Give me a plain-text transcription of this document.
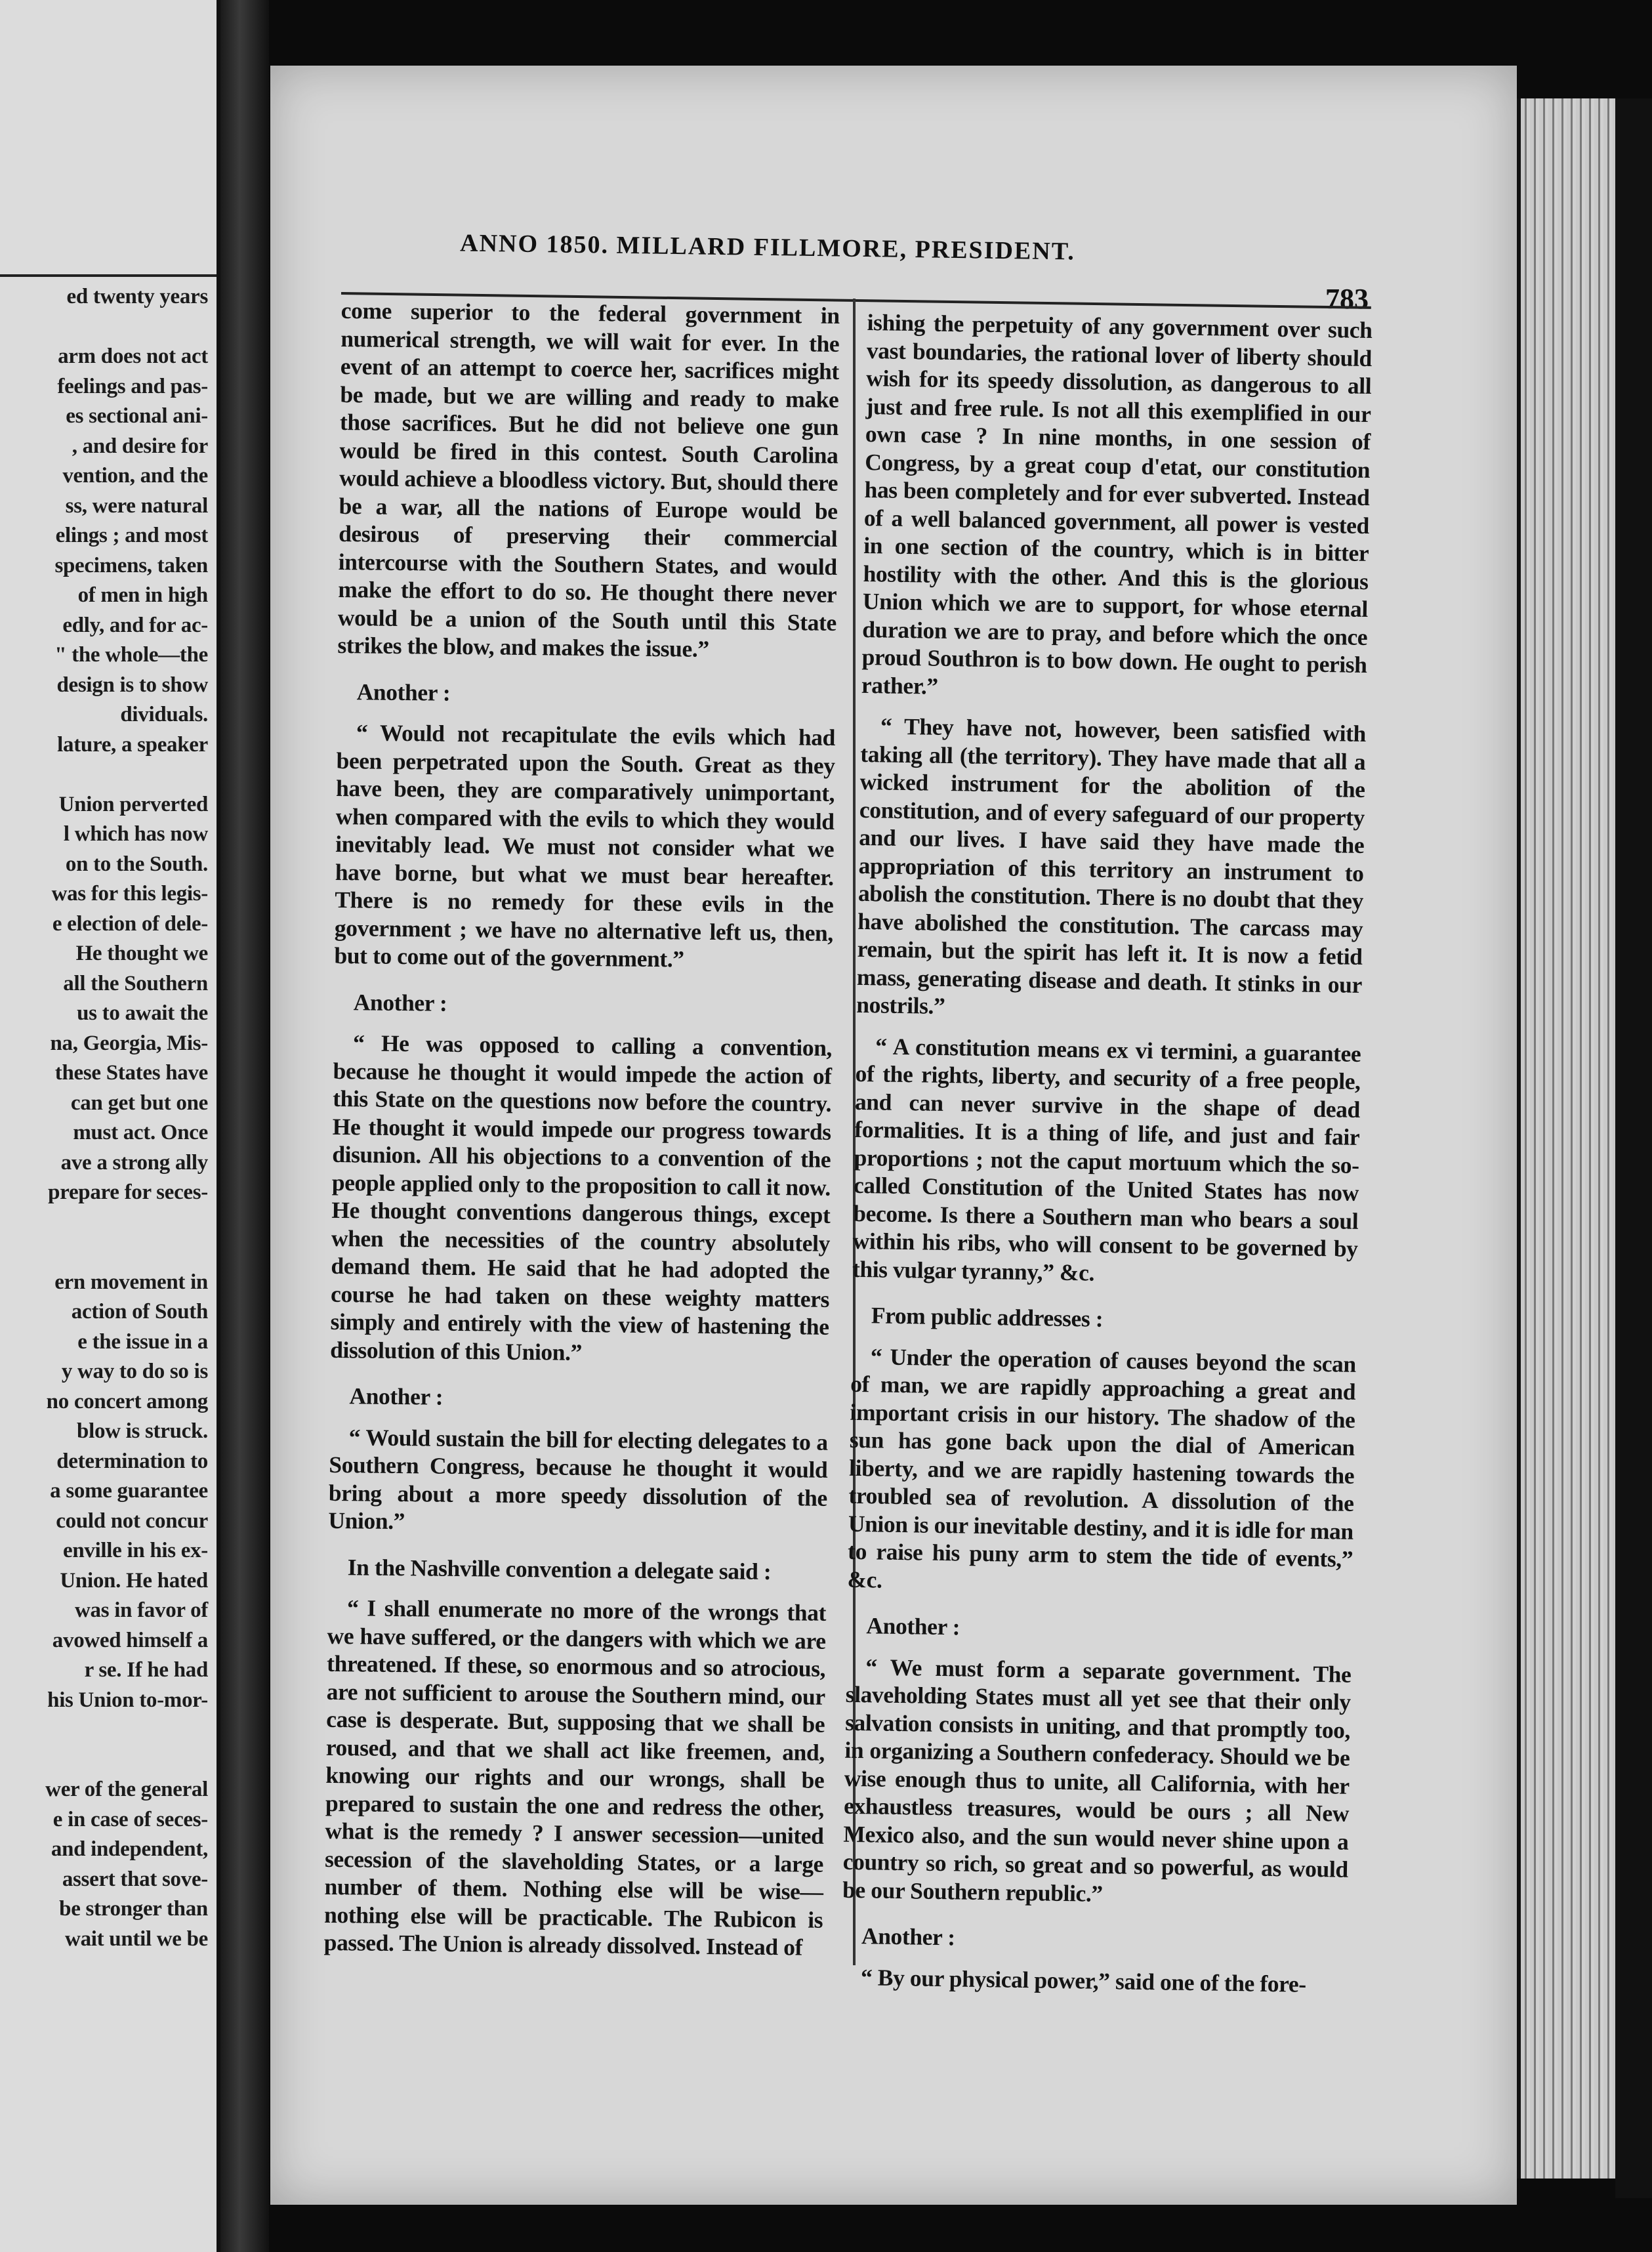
ed twenty years

arm does not act
feelings and pas-
es sectional ani-
, and desire for
vention, and the
ss, were natural
elings ; and most
specimens, taken
of men in high
edly, and for ac-
" the whole—the
design is to show
dividuals.
lature, a speaker

Union perverted
l which has now
on to the South.
was for this legis-
e election of dele-
He thought we
all the Southern
us to await the
na, Georgia, Mis-
these States have
can get but one
must act. Once
ave a strong ally
prepare for seces-

ern movement in
action of South
e the issue in a
y way to do so is
no concert among
blow is struck.
determination to
a some guarantee
could not concur
enville in his ex-
Union. He hated
was in favor of
avowed himself a
r se. If he had
his Union to-mor-

wer of the general
e in case of seces-
and independent,
assert that sove-
be stronger than
wait until we be
ANNO 1850. MILLARD FILLMORE, PRESIDENT.
783

come superior to the federal government in numerical strength, we will wait for ever. In the event of an attempt to coerce her, sacrifices might be made, but we are willing and ready to make those sacrifices. But he did not believe one gun would be fired in this contest. South Carolina would achieve a bloodless victory. But, should there be a war, all the nations of Europe would be desirous of preserving their commercial intercourse with the Southern States, and would make the effort to do so. He thought there never would be a union of the South until this State strikes the blow, and makes the issue.”

Another :

“ Would not recapitulate the evils which had been perpetrated upon the South. Great as they have been, they are comparatively unimportant, when compared with the evils to which they would inevitably lead. We must not consider what we have borne, but what we must bear hereafter. There is no remedy for these evils in the government ; we have no alternative left us, then, but to come out of the government.”

Another :

“ He was opposed to calling a convention, because he thought it would impede the action of this State on the questions now before the country. He thought it would impede our progress towards disunion. All his objections to a convention of the people applied only to the proposition to call it now. He thought conventions dangerous things, except when the necessities of the country absolutely demand them. He said that he had adopted the course he had taken on these weighty matters simply and entirely with the view of hastening the dissolution of this Union.”

Another :

“ Would sustain the bill for electing delegates to a Southern Congress, because he thought it would bring about a more speedy dissolution of the Union.”

In the Nashville convention a delegate said :

“ I shall enumerate no more of the wrongs that we have suffered, or the dangers with which we are threatened. If these, so enormous and so atrocious, are not sufficient to arouse the Southern mind, our case is desperate. But, supposing that we shall be roused, and that we shall act like freemen, and, knowing our rights and our wrongs, shall be prepared to sustain the one and redress the other, what is the remedy ? I answer secession—united secession of the slaveholding States, or a large number of them. Nothing else will be wise—nothing else will be practicable. The Rubicon is passed. The Union is already dissolved. Instead of

ishing the perpetuity of any government over such vast boundaries, the rational lover of liberty should wish for its speedy dissolution, as dangerous to all just and free rule. Is not all this exemplified in our own case ? In nine months, in one session of Congress, by a great coup d'etat, our constitution has been completely and for ever subverted. Instead of a well balanced government, all power is vested in one section of the country, which is in bitter hostility with the other. And this is the glorious Union which we are to support, for whose eternal duration we are to pray, and before which the once proud Southron is to bow down. He ought to perish rather.”

“ They have not, however, been satisfied with taking all (the territory). They have made that all a wicked instrument for the abolition of the constitution, and of every safeguard of our property and our lives. I have said they have made the appropriation of this territory an instrument to abolish the constitution. There is no doubt that they have abolished the constitution. The carcass may remain, but the spirit has left it. It is now a fetid mass, generating disease and death. It stinks in our nostrils.”

“ A constitution means ex vi termini, a guarantee of the rights, liberty, and security of a free people, and can never survive in the shape of dead formalities. It is a thing of life, and just and fair proportions ; not the caput mortuum which the so-called Constitution of the United States has now become. Is there a Southern man who bears a soul within his ribs, who will consent to be governed by this vulgar tyranny,” &c.

From public addresses :

“ Under the operation of causes beyond the scan of man, we are rapidly approaching a great and important crisis in our history. The shadow of the sun has gone back upon the dial of American liberty, and we are rapidly hastening towards the troubled sea of revolution. A dissolution of the Union is our inevitable destiny, and it is idle for man to raise his puny arm to stem the tide of events,” &c.

Another :

“ We must form a separate government. The slaveholding States must all yet see that their only salvation consists in uniting, and that promptly too, in organizing a Southern confederacy. Should we be wise enough thus to unite, all California, with her exhaustless treasures, would be ours ; all New Mexico also, and the sun would never shine upon a country so rich, so great and so powerful, as would be our Southern republic.”

Another :

“ By our physical power,” said one of the fore-
